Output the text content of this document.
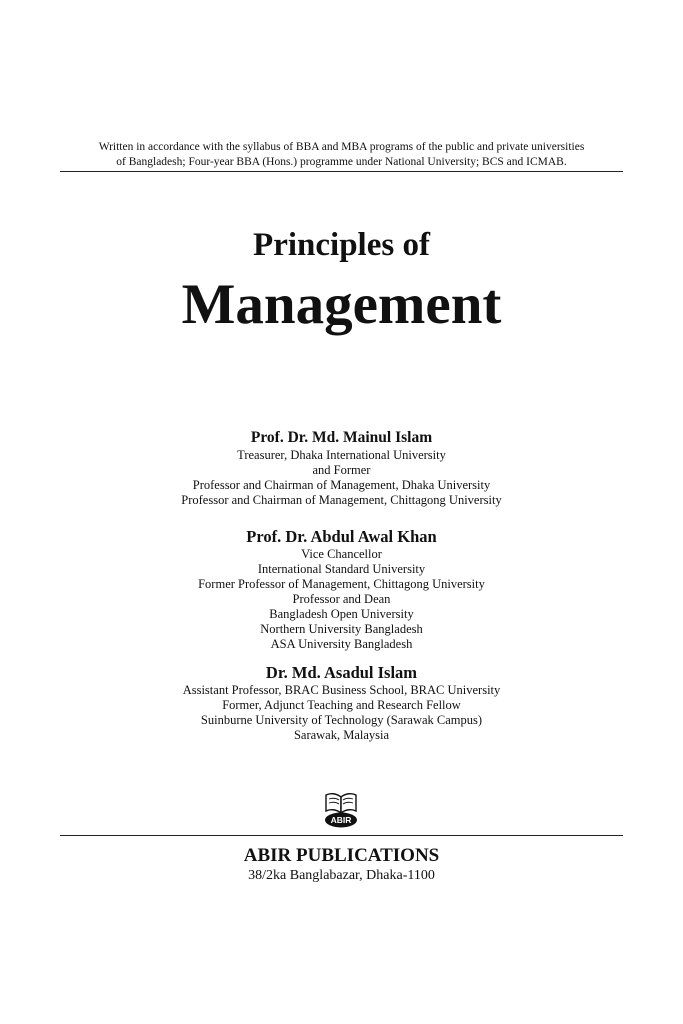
Written in accordance with the syllabus of BBA and MBA programs of the public and private universities
of Bangladesh; Four-year BBA (Hons.) programme under National University; BCS and ICMAB.
Principles of
Management
Prof. Dr. Md. Mainul Islam
Treasurer, Dhaka International University
and Former
Professor and Chairman of Management, Dhaka University
Professor and Chairman of Management, Chittagong University
Prof. Dr. Abdul Awal Khan
Vice Chancellor
International Standard University
Former Professor of Management, Chittagong University
Professor and Dean
Bangladesh Open University
Northern University Bangladesh
ASA University Bangladesh
Dr. Md. Asadul Islam
Assistant Professor, BRAC Business School, BRAC University
Former, Adjunct Teaching and Research Fellow
Suinburne University of Technology (Sarawak Campus)
Sarawak, Malaysia
ABIR
ABIR PUBLICATIONS
38/2ka Banglabazar, Dhaka-1100
